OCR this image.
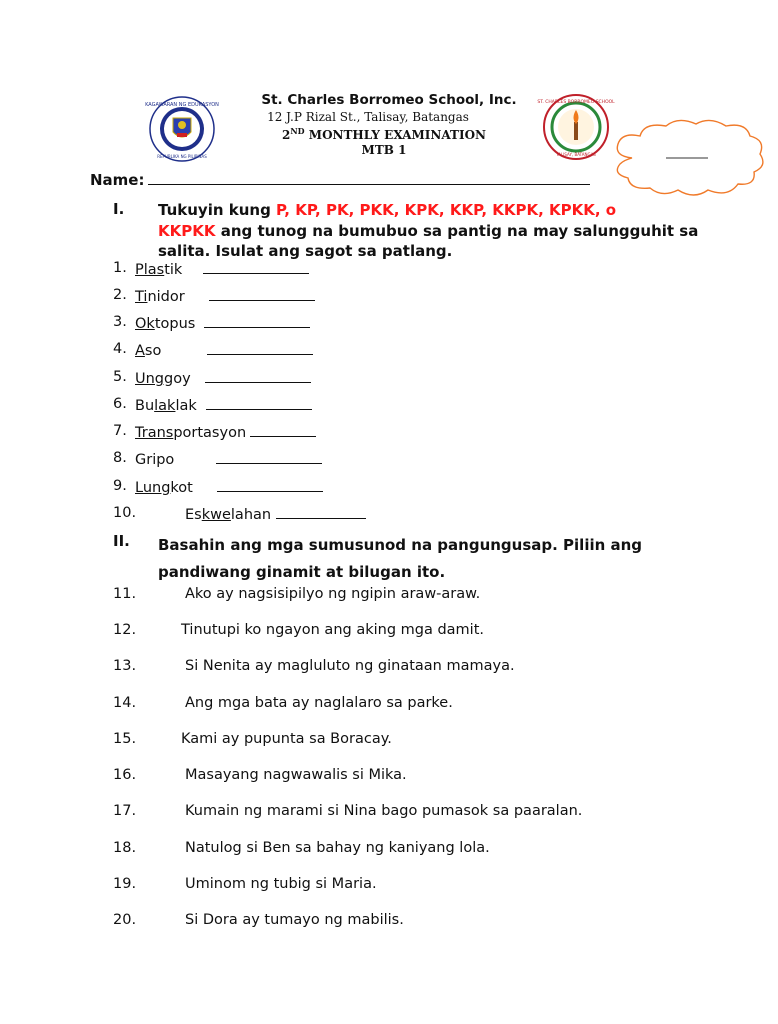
KAGAWARAN NG EDUKASYON
REPUBLIKA NG PILIPINAS
ST. CHARLES BORROMEO SCHOOL
TALISAY, BATANGAS
St. Charles Borromeo School, Inc.
12 J.P Rizal St., Talisay, Batangas
2ND MONTHLY EXAMINATION
MTB 1
Name:
I. Tukuyin kung P, KP, PK, PKK, KPK, KKP, KKPK, KPKK, o
KKPKK ang tunog na bumubuo sa pantig na may salungguhit sa salita. Isulat ang sagot sa patlang.
1. Plastik
2. Tinidor
3. Oktopus
4. Aso
5. Unggoy
6. Bulaklak
7. Transportasyon
8. Gripo
9. Lungkot
10.	Eskwelahan
II. Basahin ang mga sumusunod na pangungusap. Piliin ang pandiwang ginamit at bilugan ito.
11.	Ako ay nagsisipilyo ng ngipin araw-araw.
12.	Tinutupi ko ngayon ang aking mga damit.
13.	Si Nenita ay magluluto ng ginataan mamaya.
14.	Ang mga bata ay naglalaro sa parke.
15.	Kami ay pupunta sa Boracay.
16.	Masayang nagwawalis si Mika.
17.	Kumain ng marami si Nina bago pumasok sa paaralan.
18.	Natulog si Ben sa bahay ng kaniyang lola.
19.	Uminom ng tubig si Maria.
20.	Si Dora ay tumayo ng mabilis.
